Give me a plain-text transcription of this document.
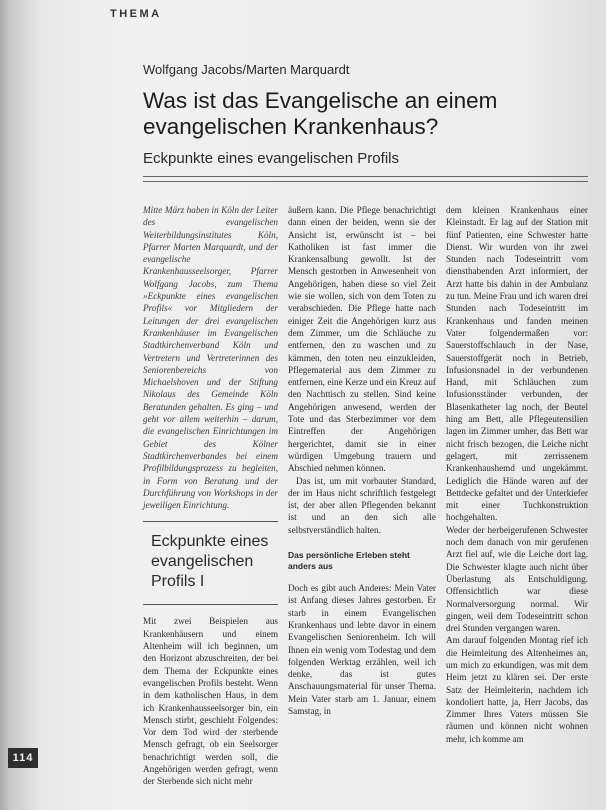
THEMA
Wolfgang Jacobs/Marten Marquardt
Was ist das Evangelische an einem evangelischen Krankenhaus?
Eckpunkte eines evangelischen Profils

Mitte März haben in Köln der Leiter des evangelischen Weiterbildungsinstitutes Köln, Pfarrer Marten Marquardt, und der evangelische Krankenhausseelsorger, Pfarrer Wolfgang Jacobs, zum Thema »Eckpunkte eines evangelischen Profils« vor Mitgliedern der Leitungen der drei evangelischen Krankenhäuser im Evangelischen Stadtkirchenverband Köln und Vertretern und Vertreterinnen des Seniorenbereichs von Michaelshoven und der Stiftung Nikolaus des Gemeinde Köln Beratunden gehalten. Es ging – und geht vor allem weiterhin – darum, die evangelischen Einrichtungen im Gebiet des Kölner Stadtkirchenverbandes bei einem Profilbildungsprozess zu begleiten, in Form von Beratung und der Durchführung von Workshops in der jeweiligen Einrichtung.

Eckpunkte eines evangelischen Profils I

Mit zwei Beispielen aus Krankenhäusern und einem Altenheim will ich beginnen, um den Horizont abzuschreiten, der bei dem Thema der Eckpunkte eines evangelischen Profils besteht. Wenn in dem katholischen Haus, in dem ich Krankenhausseelsorger bin, ein Mensch stirbt, geschieht Folgendes: Vor dem Tod wird der sterbende Mensch gefragt, ob ein Seelsorger benachrichtigt werden soll, die Angehörigen werden gefragt, wenn der Sterbende sich nicht mehr

äußern kann. Die Pflege benachrichtigt dann einen der beiden, wenn sie der Ansicht ist, erwünscht ist – bei Katholiken ist fast immer die Krankensalbung gewollt. Ist der Mensch gestorben in Anwesenheit von Angehörigen, haben diese so viel Zeit wie sie wollen, sich von dem Toten zu verabschieden. Die Pflege hatte nach einiger Zeit die Angehörigen kurz aus dem Zimmer, um die Schläuche zu entfernen, den zu waschen und zu kämmen, den toten neu einzukleiden, Pflegematerial aus dem Zimmer zu entfernen, eine Kerze und ein Kreuz auf den Nachttisch zu stellen. Sind keine Angehörigen anwesend, werden der Tote und das Sterbezimmer vor dem Eintreffen der Angehörigen hergerichtet, damit sie in einer würdigen Umgebung trauern und Abschied nehmen können.

Das ist, um mit vorbauter Standard, der im Haus nicht schriftlich festgelegt ist, der aber allen Pflegenden bekannt ist und an den sich alle selbstverständlich halten.

Das persönliche Erleben steht anders aus

Doch es gibt auch Anderes: Mein Vater ist Anfang dieses Jahres gestorben. Er starb in einem Evangelischen Krankenhaus und lebte davor in einem Evangelischen Seniorenheim. Ich will Ihnen ein wenig vom Todestag und dem folgenden Werktag erzählen, weil ich denke, das ist gutes Anschauungsmaterial für unser Thema. Mein Vater starb am 1. Januar, einem Samstag, in

dem kleinen Krankenhaus einer Kleinstadt. Er lag auf der Station mit fünf Patienten, eine Schwester hatte Dienst. Wir wurden von ihr zwei Stunden nach Todeseintritt vom diensthabenden Arzt informiert, der Arzt hatte bis dahin in der Ambulanz zu tun. Meine Frau und ich waren drei Stunden nach Todeseintritt im Krankenhaus und fanden meinen Vater folgendermaßen vor: Sauerstoffschlauch in der Nase, Sauerstoffgerät noch in Betrieb, Infusionsnadel in der verbundenen Hand, mit Schläuchen zum Infusionsständer verbunden, der Blasenkatheter lag noch, der Beutel hing am Bett, alle Pflegeutensilien lagen im Zimmer umher, das Bett war nicht frisch bezogen, die Leiche nicht gelagert, mit zerrissenem Krankenhaushemd und ungekämmt. Lediglich die Hände waren auf der Bettdecke gefaltet und der Unterkiefer mit einer Tuchkonstruktion hochgehalten.

Weder der herbeigerufenen Schwester noch dem danach von mir gerufenen Arzt fiel auf, wie die Leiche dort lag. Die Schwester klagte auch nicht über Überlastung als Entschuldigung. Offensichtlich war diese Normalversorgung normal. Wir gingen, weil dem Todeseintritt schon drei Stunden vergangen waren.

Am darauf folgenden Montag rief ich die Heimleitung des Altenheimes an, um mich zu erkundigen, was mit dem Heim jetzt zu klären sei. Der erste Satz der Heimleiterin, nachdem ich kondoliert hatte, ja, Herr Jacobs, das Zimmer Ihres Vaters müssen Sie räumen und können nicht wohnen mehr, ich komme am

114
